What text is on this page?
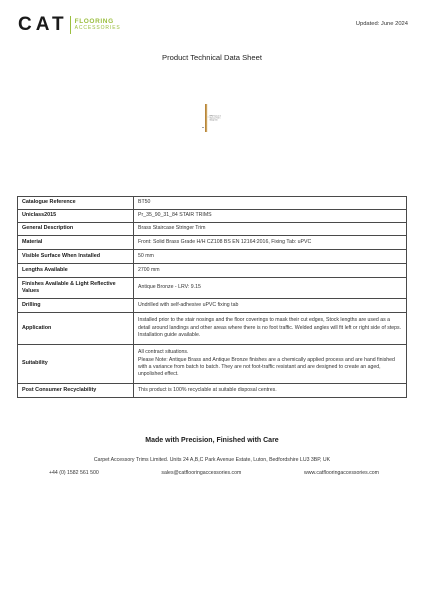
CAT FLOORING
ACCESSORIES
Updated: June 2024
Product Technical Data Sheet
EPM/ Tiny Line 5
Staircase Trim 5
Stringer trim
Catalogue Reference	BT50
Uniclass2015	Pr_35_90_31_84 STAIR TRIMS
General Description	Brass Staircase Stringer Trim
Material	Front: Solid Brass Grade H/H CZ108 BS EN 12164:2016, Fixing Tab: uPVC
Visible Surface When Installed	50 mm
Lengths Available	2700 mm
Finishes Available & Light Reflective Values	Antique Bronze - LRV: 9.15
Drilling	Undrilled with self-adhesive uPVC fixing tab
Application	Installed prior to the stair nosings and the floor coverings to mask their cut edges, Stock lengths are used as a detail around landings and other areas where there is no foot traffic. Welded angles will fit left or right side of steps. Installation guide available.
Suitability	All contract situations.
Please Note: Antique Brass and Antique Bronze finishes are a chemically applied process and are hand finished with a variance from batch to batch. They are not foot-traffic resistant and are designed to create an aged, unpolished effect.
Post Consumer Recyclability	This product is 100% recyclable at suitable disposal centres.
Made with Precision, Finished with Care
Carpet Accessory Trims Limited. Units 24 A,B,C Park Avenue Estate, Luton, Bedfordshire LU3 3BP, UK
+44 (0) 1582 561 500	sales@catflooringaccessories.com	www.catflooringaccessories.com
